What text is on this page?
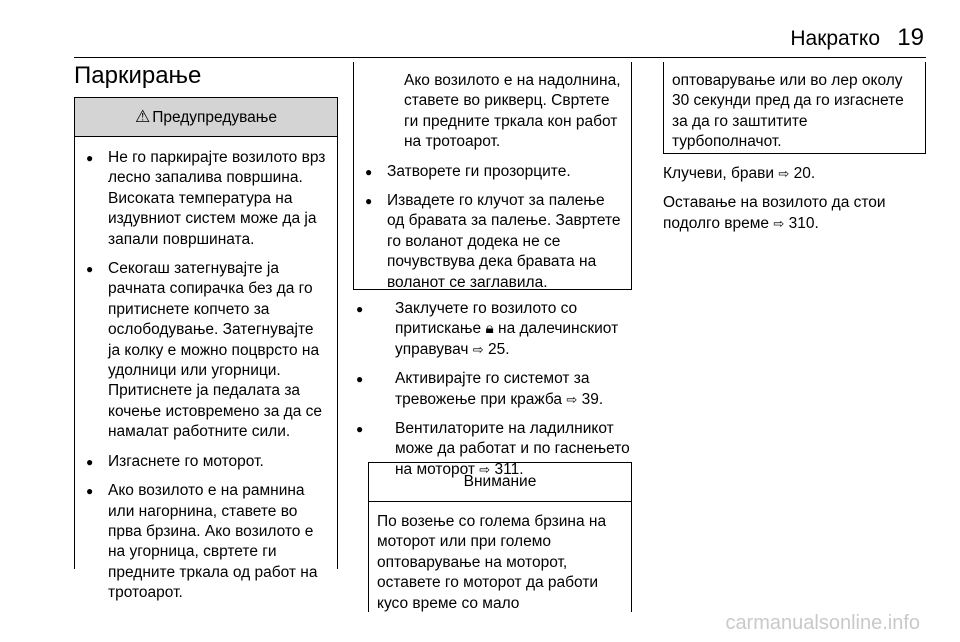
Накратко 19
Паркирање
⚠ Предупредување
● Не го паркирајте возилото врз лесно запалива површина. Високата температура на издувниот систем може да ја запали површината.
● Секогаш затегнувајте ја рачната сопирачка без да го притиснете копчето за ослободување. Затегнувајте ја колку е можно поцврсто на удолници или угорници. Притиснете ја педалата за кочење истовремено за да се намалат работните сили.
● Изгаснете го моторот.
● Ако возилото е на рамнина или нагорнина, ставете во прва брзина. Ако возилото е на угорница, свртете ги предните тркала од работ на тротоарот.
Ако возилото е на надолнина, ставете во рикверц. Свртете ги предните тркала кон работ на тротоарот.
● Затворете ги прозорците.
● Извадете го клучот за палење од бравата за палење. Завртете го воланот додека не се почувствува дека бравата на воланот се заглавила.
● Заклучете го возилото со притискање 🔒︎ на далечинскиот управувач ⇨ 25.
● Активирајте го системот за тревожење при кражба ⇨ 39.
● Вентилаторите на ладилникот може да работат и по гаснењето на моторот ⇨ 311.
Внимание
По возење со голема брзина на моторот или при големо оптоварување на моторот, оставете го моторот да работи кусо време со мало
оптоварување или во лер околу 30 секунди пред да го изгаснете за да го заштитите турбополначот.
Клучеви, брави ⇨ 20.
Оставање на возилото да стои подолго време ⇨ 310.
carmanualsonline.info
